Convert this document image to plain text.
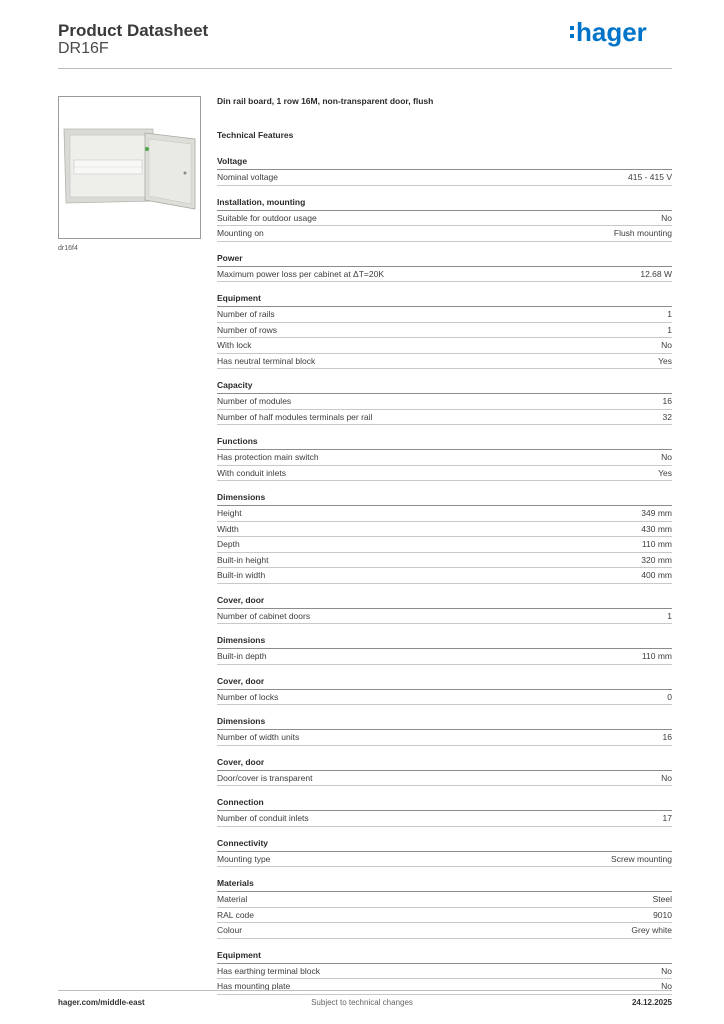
Product Datasheet
DR16F
hager
dr16f4
Din rail board, 1 row 16M, non-transparent door, flush
Technical Features
Voltage
Nominal voltage	415 - 415 V
Installation, mounting
Suitable for outdoor usage	No
Mounting on	Flush mounting
Power
Maximum power loss per cabinet at ΔT=20K	12.68 W
Equipment
Number of rails	1
Number of rows	1
With lock	No
Has neutral terminal block	Yes
Capacity
Number of modules	16
Number of half modules terminals per rail	32
Functions
Has protection main switch	No
With conduit inlets	Yes
Dimensions
Height	349 mm
Width	430 mm
Depth	110 mm
Built-in height	320 mm
Built-in width	400 mm
Cover, door
Number of cabinet doors	1
Dimensions
Built-in depth	110 mm
Cover, door
Number of locks	0
Dimensions
Number of width units	16
Cover, door
Door/cover is transparent	No
Connection
Number of conduit inlets	17
Connectivity
Mounting type	Screw mounting
Materials
Material	Steel
RAL code	9010
Colour	Grey white
Equipment
Has earthing terminal block	No
Has mounting plate	No
hager.com/middle-east	Subject to technical changes	24.12.2025
